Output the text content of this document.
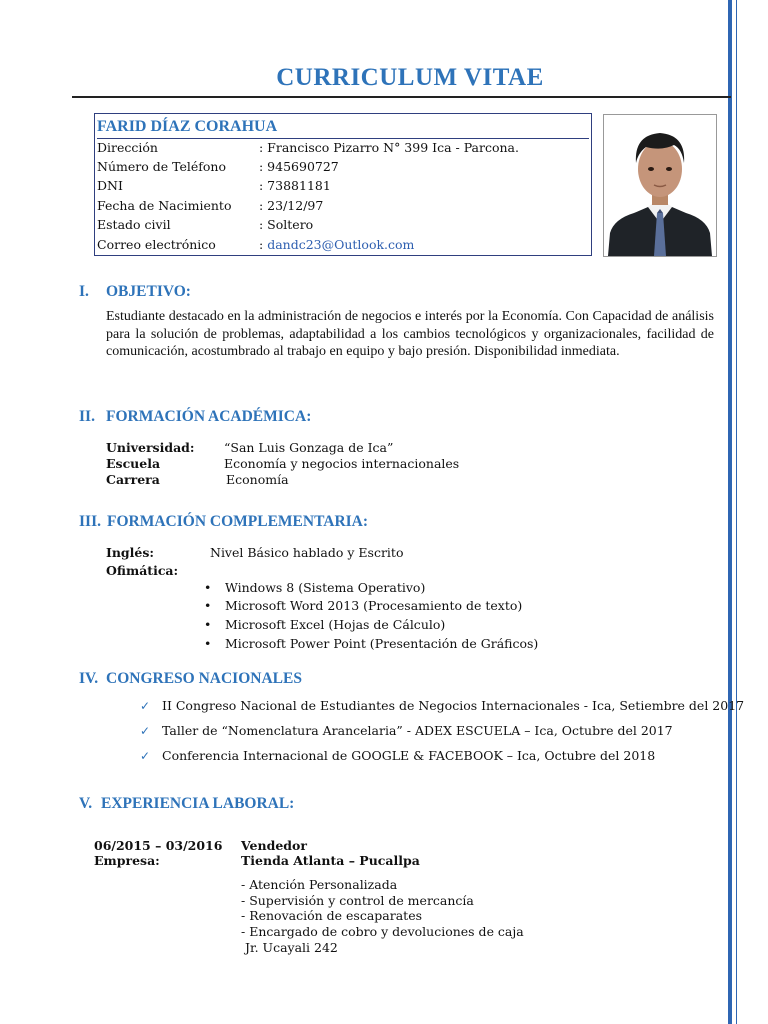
CURRICULUM VITAE
FARID DÍAZ CORAHUA
Dirección	: Francisco Pizarro N° 399 Ica - Parcona.
Número de Teléfono	: 945690727
DNI	: 73881181
Fecha de Nacimiento	: 23/12/97
Estado civil	: Soltero
Correo electrónico	: dandc23@Outlook.com
I. OBJETIVO:
Estudiante destacado en la administración de negocios e interés por la Economía. Con Capacidad de análisis para la solución de problemas, adaptabilidad a los cambios tecnológicos y organizacionales, facilidad de comunicación, acostumbrado al trabajo en equipo y bajo presión. Disponibilidad inmediata.
II. FORMACIÓN ACADÉMICA:
Universidad: “San Luis Gonzaga de Ica”
Escuela	Economía y negocios internacionales
Carrera	Economía
III. FORMACIÓN COMPLEMENTARIA:
Inglés:	Nivel Básico hablado y Escrito
Ofimática:
• Windows 8 (Sistema Operativo)
• Microsoft Word 2013 (Procesamiento de texto)
• Microsoft Excel (Hojas de Cálculo)
• Microsoft Power Point (Presentación de Gráficos)
IV. CONGRESO NACIONALES
✓ II Congreso Nacional de Estudiantes de Negocios Internacionales - Ica, Setiembre del 2017
✓ Taller de “Nomenclatura Arancelaria” - ADEX ESCUELA – Ica, Octubre del 2017
✓ Conferencia Internacional de GOOGLE & FACEBOOK – Ica, Octubre del 2018
V. EXPERIENCIA LABORAL:
06/2015 – 03/2016 Vendedor
Empresa:	Tienda Atlanta – Pucallpa
- Atención Personalizada
- Supervisión y control de mercancía
- Renovación de escaparates
- Encargado de cobro y devoluciones de caja
Jr. Ucayali 242
